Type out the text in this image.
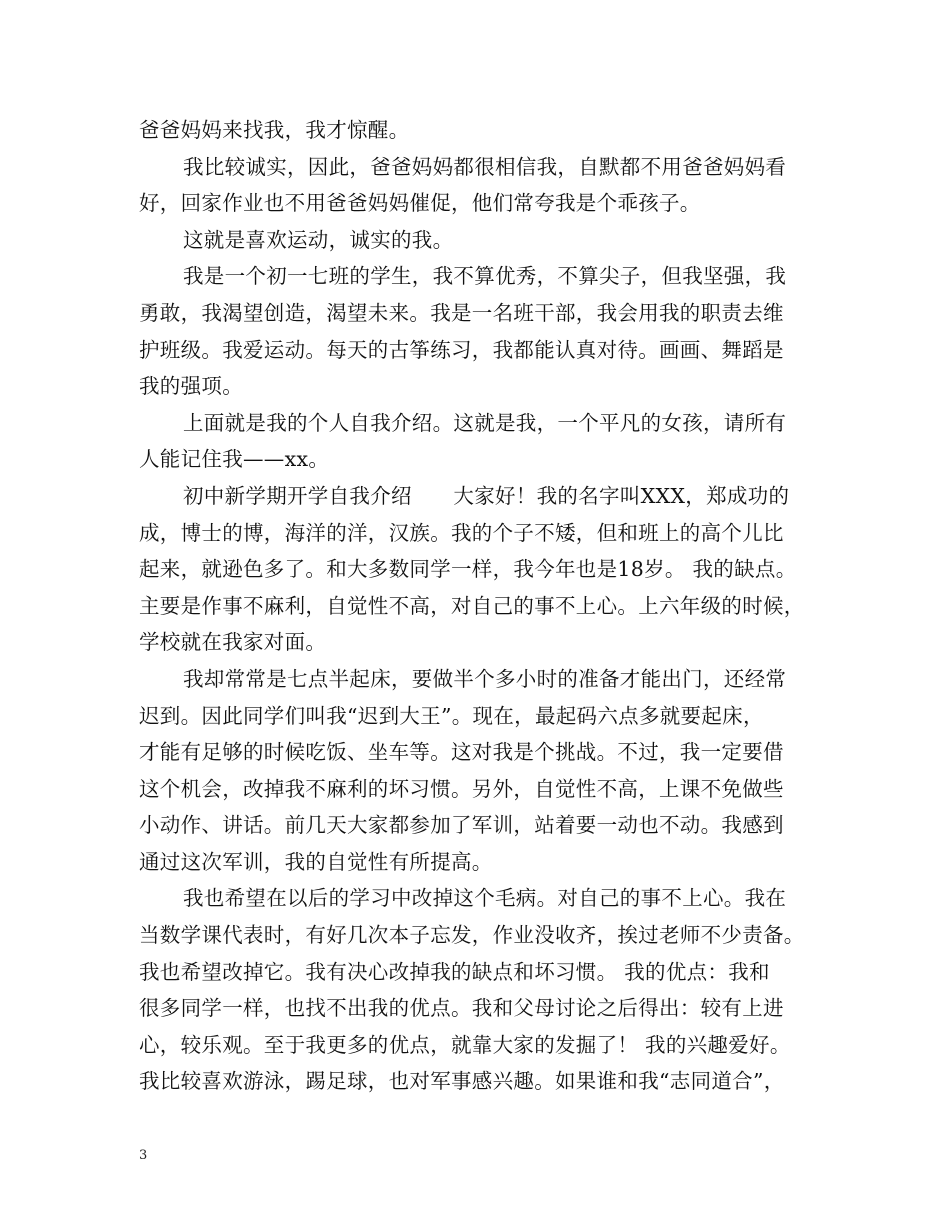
爸爸妈妈来找我，我才惊醒。
我比较诚实，因此，爸爸妈妈都很相信我，自默都不用爸爸妈妈看
好，回家作业也不用爸爸妈妈催促，他们常夸我是个乖孩子。
这就是喜欢运动，诚实的我。
我是一个初一七班的学生，我不算优秀，不算尖子，但我坚强，我
勇敢，我渴望创造，渴望未来。我是一名班干部，我会用我的职责去维
护班级。我爱运动。每天的古筝练习，我都能认真对待。画画、舞蹈是
我的强项。
上面就是我的个人自我介绍。这就是我，一个平凡的女孩，请所有
人能记住我——xx。
初中新学期开学自我介绍　　大家好！我的名字叫XXX，郑成功的
成，博士的博，海洋的洋，汉族。我的个子不矮，但和班上的高个儿比
起来，就逊色多了。和大多数同学一样，我今年也是18岁。 我的缺点。
主要是作事不麻利，自觉性不高，对自己的事不上心。上六年级的时候，
学校就在我家对面。
我却常常是七点半起床，要做半个多小时的准备才能出门，还经常
迟到。因此同学们叫我“迟到大王”。现在，最起码六点多就要起床，
才能有足够的时候吃饭、坐车等。这对我是个挑战。不过，我一定要借
这个机会，改掉我不麻利的坏习惯。另外，自觉性不高，上课不免做些
小动作、讲话。前几天大家都参加了军训，站着要一动也不动。我感到
通过这次军训，我的自觉性有所提高。
我也希望在以后的学习中改掉这个毛病。对自己的事不上心。我在
当数学课代表时，有好几次本子忘发，作业没收齐，挨过老师不少责备。
我也希望改掉它。我有决心改掉我的缺点和坏习惯。 我的优点：我和
很多同学一样，也找不出我的优点。我和父母讨论之后得出：较有上进
心，较乐观。至于我更多的优点，就靠大家的发掘了！ 我的兴趣爱好。
我比较喜欢游泳，踢足球，也对军事感兴趣。如果谁和我“志同道合”，
3
